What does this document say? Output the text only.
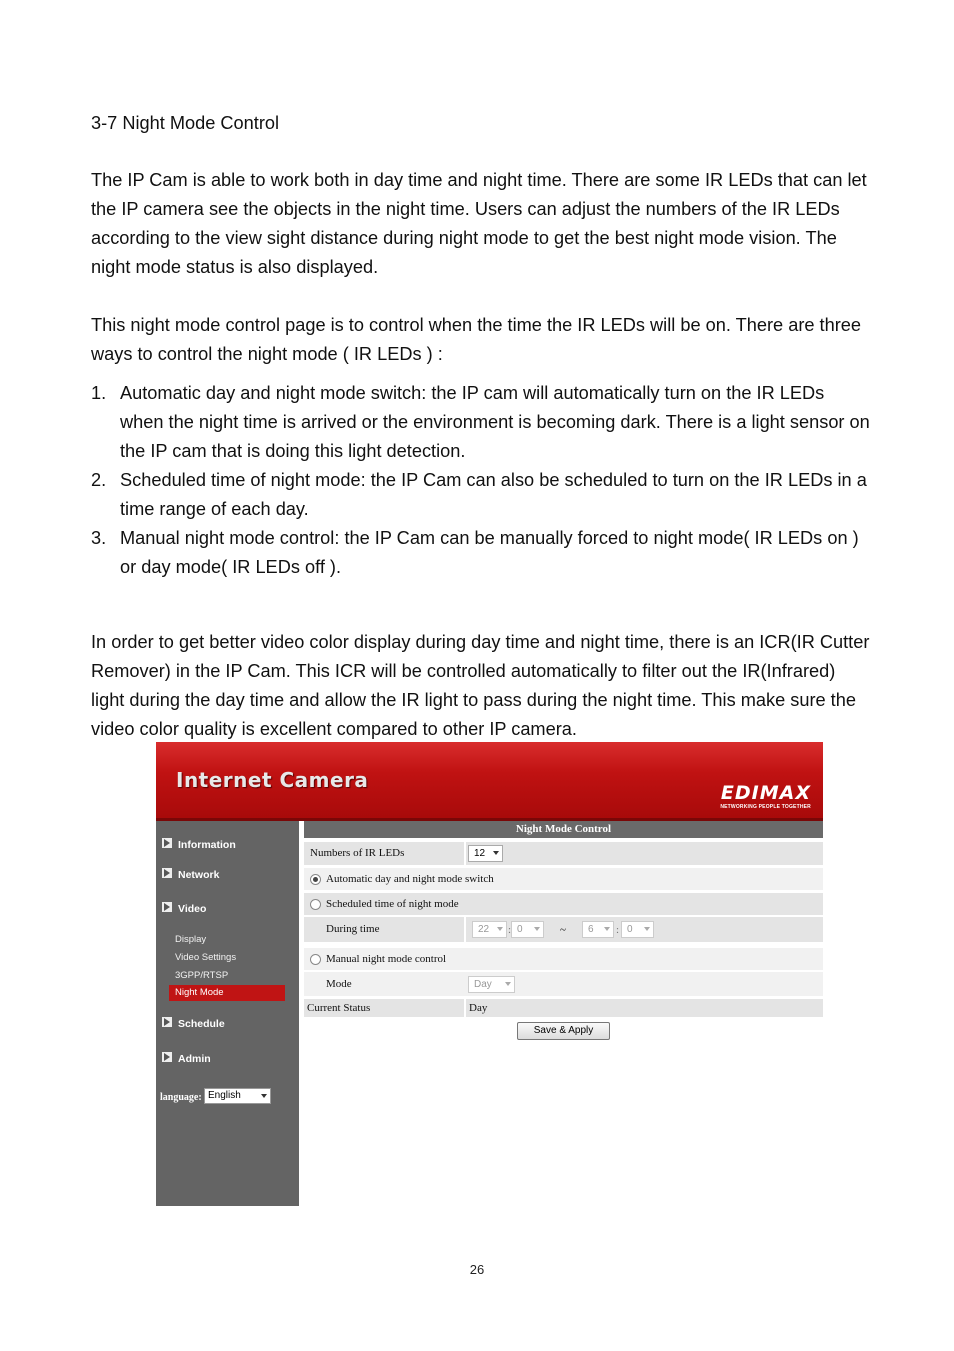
3-7 Night Mode Control

The IP Cam is able to work both in day time and night time. There are some IR LEDs that can let the IP camera see the objects in the night time. Users can adjust the numbers of the IR LEDs according to the view sight distance during night mode to get the best night mode vision. The night mode status is also displayed.

This night mode control page is to control when the time the IR LEDs will be on. There are three ways to control the night mode ( IR LEDs ) :

1. Automatic day and night mode switch: the IP cam will automatically turn on the IR LEDs when the night time is arrived or the environment is becoming dark. There is a light sensor on the IP cam that is doing this light detection.
2. Scheduled time of night mode: the IP Cam can also be scheduled to turn on the IR LEDs in a time range of each day.
3. Manual night mode control: the IP Cam can be manually forced to night mode( IR LEDs on ) or day mode( IR LEDs off ).

In order to get better video color display during day time and night time, there is an ICR(IR Cutter Remover) in the IP Cam. This ICR will be controlled automatically to filter out the IR(Infrared) light during the day time and allow the IR light to pass during the night time. This make sure the video color quality is excellent compared to other IP camera.

Internet Camera
EDIMAX
NETWORKING PEOPLE TOGETHER
Information
Network
Video
Display
Video Settings
3GPP/RTSP
Night Mode
Schedule
Admin
language: English
Night Mode Control
Numbers of IR LEDs	12
Automatic day and night mode switch
Scheduled time of night mode
During time	22	: 0	~	6	: 0
Manual night mode control
Mode	Day
Current Status	Day
Save & Apply
26
